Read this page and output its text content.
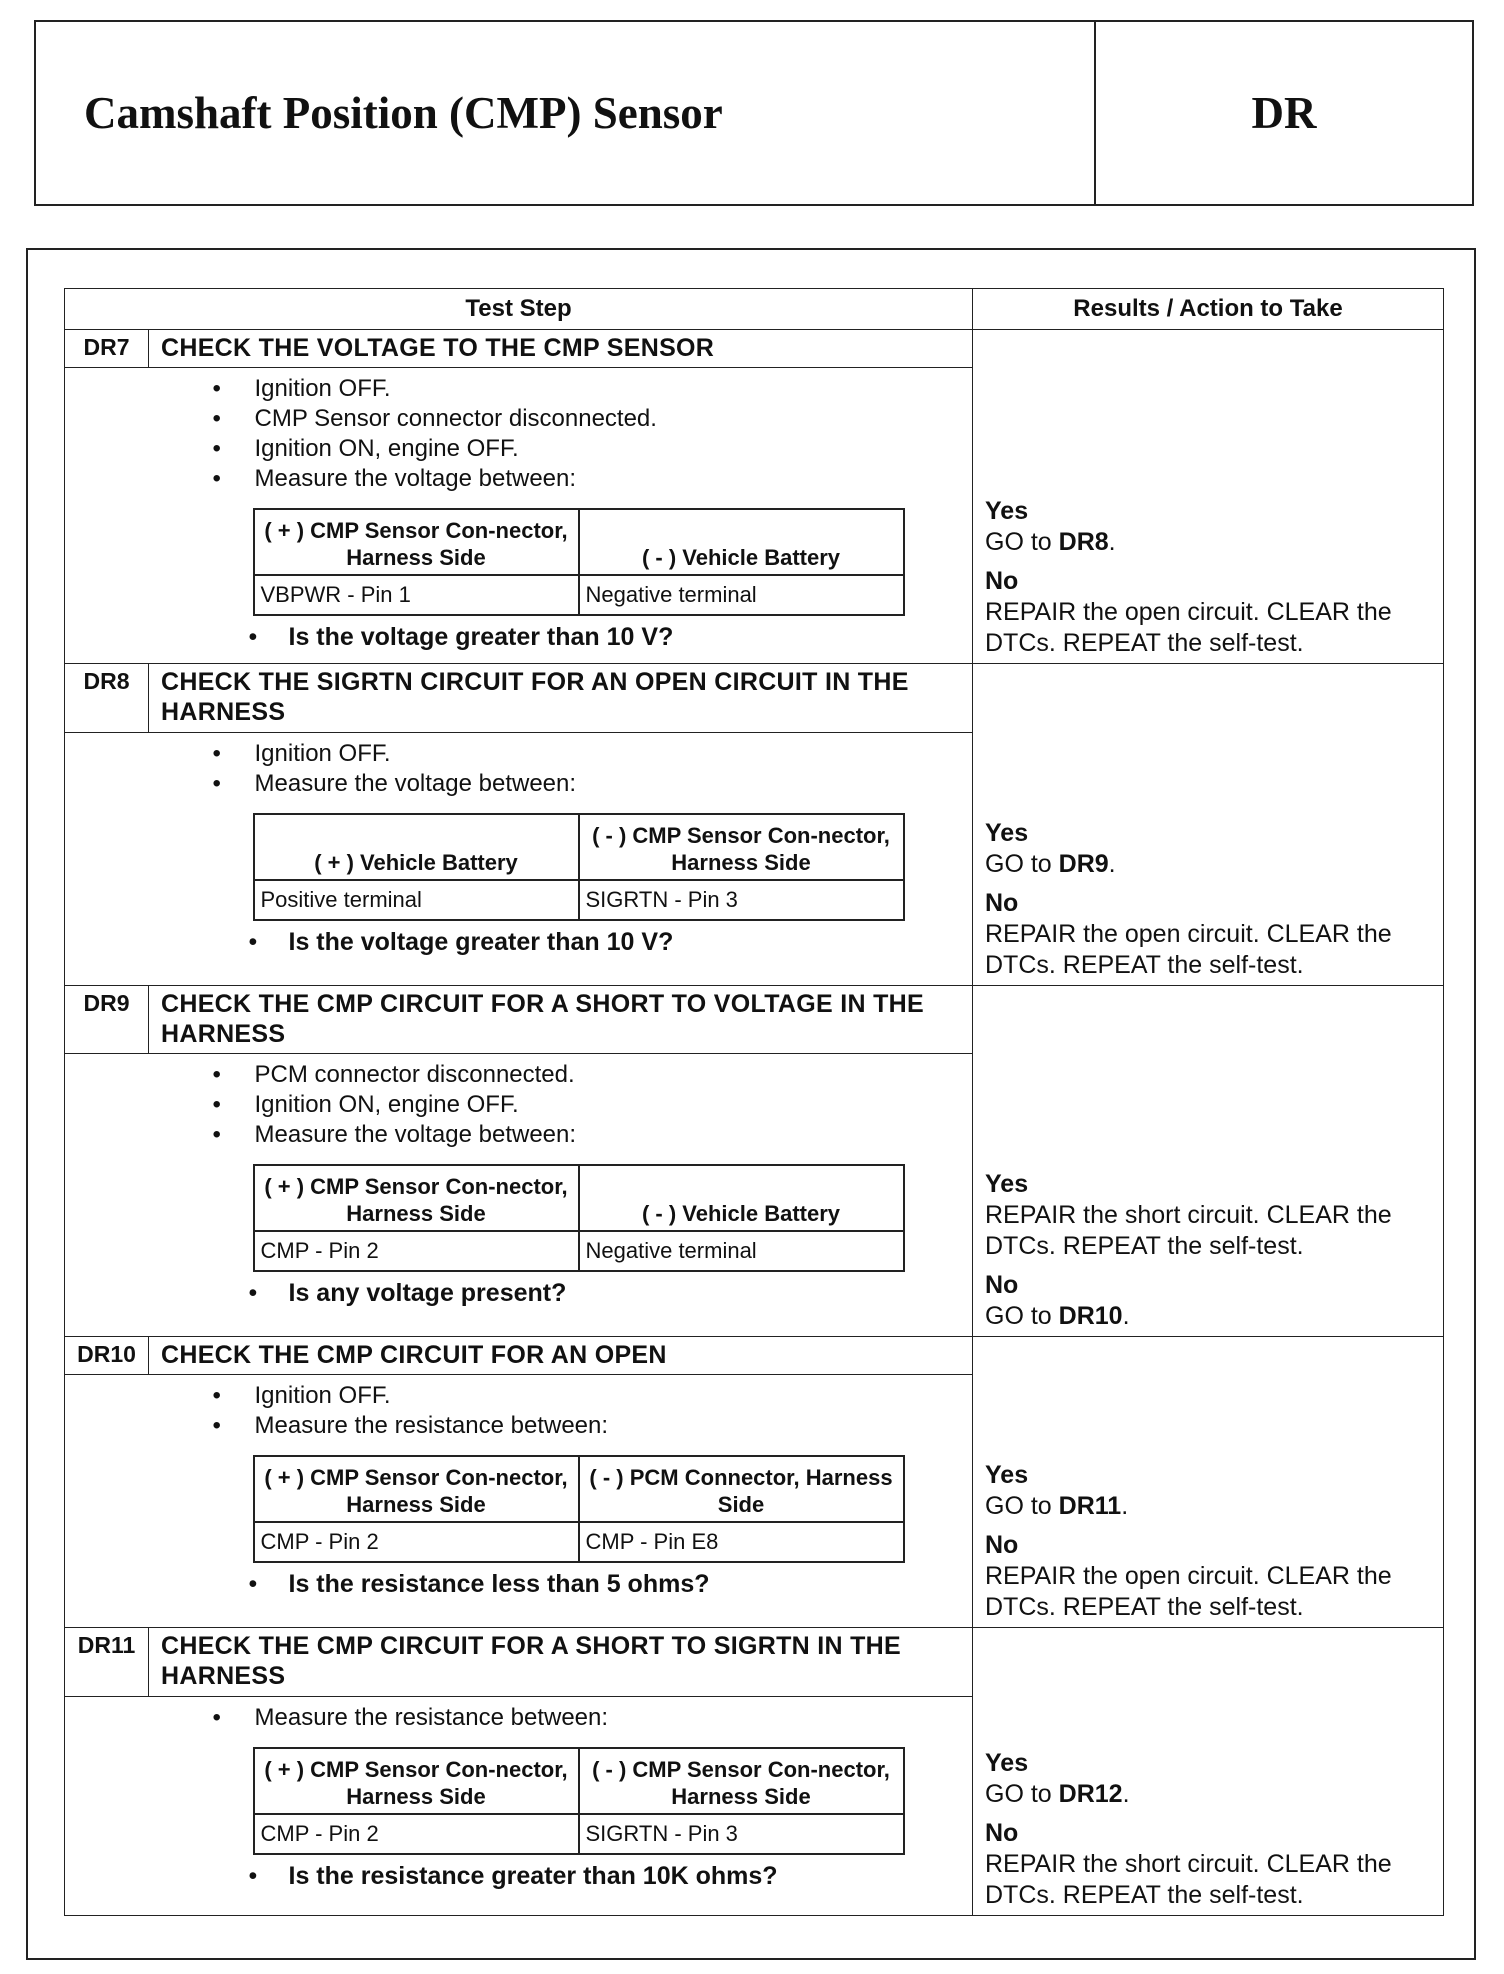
Camshaft Position (CMP) Sensor	DR
Test Step	Results / Action to Take
DR7	CHECK THE VOLTAGE TO THE CMP SENSOR	
Yes
GO to DR8.
No
REPAIR the open circuit. CLEAR the DTCs. REPEAT the self-test.

• Ignition OFF.
• CMP Sensor connector disconnected.
• Ignition ON, engine OFF.
• Measure the voltage between:
( + ) CMP Sensor Con-nector, Harness Side	( - ) Vehicle Battery
VBPWR - Pin 1	Negative terminal
• Is the voltage greater than 10 V?

DR8	CHECK THE SIGRTN CIRCUIT FOR AN OPEN CIRCUIT IN THE HARNESS	
Yes
GO to DR9.
No
REPAIR the open circuit. CLEAR the DTCs. REPEAT the self-test.

• Ignition OFF.
• Measure the voltage between:
( + ) Vehicle Battery	( - ) CMP Sensor Con-nector, Harness Side
Positive terminal	SIGRTN - Pin 3
• Is the voltage greater than 10 V?

DR9	CHECK THE CMP CIRCUIT FOR A SHORT TO VOLTAGE IN THE HARNESS	
Yes
REPAIR the short circuit. CLEAR the DTCs. REPEAT the self-test.
No
GO to DR10.

• PCM connector disconnected.
• Ignition ON, engine OFF.
• Measure the voltage between:
( + ) CMP Sensor Con-nector, Harness Side	( - ) Vehicle Battery
CMP - Pin 2	Negative terminal
• Is any voltage present?

DR10	CHECK THE CMP CIRCUIT FOR AN OPEN	
Yes
GO to DR11.
No
REPAIR the open circuit. CLEAR the DTCs. REPEAT the self-test.

• Ignition OFF.
• Measure the resistance between:
( + ) CMP Sensor Con-nector, Harness Side	( - ) PCM Connector, Harness Side
CMP - Pin 2	CMP - Pin E8
• Is the resistance less than 5 ohms?

DR11	CHECK THE CMP CIRCUIT FOR A SHORT TO SIGRTN IN THE HARNESS	
Yes
GO to DR12.
No
REPAIR the short circuit. CLEAR the DTCs. REPEAT the self-test.

• Measure the resistance between:
( + ) CMP Sensor Con-nector, Harness Side	( - ) CMP Sensor Con-nector, Harness Side
CMP - Pin 2	SIGRTN - Pin 3
• Is the resistance greater than 10K ohms?
